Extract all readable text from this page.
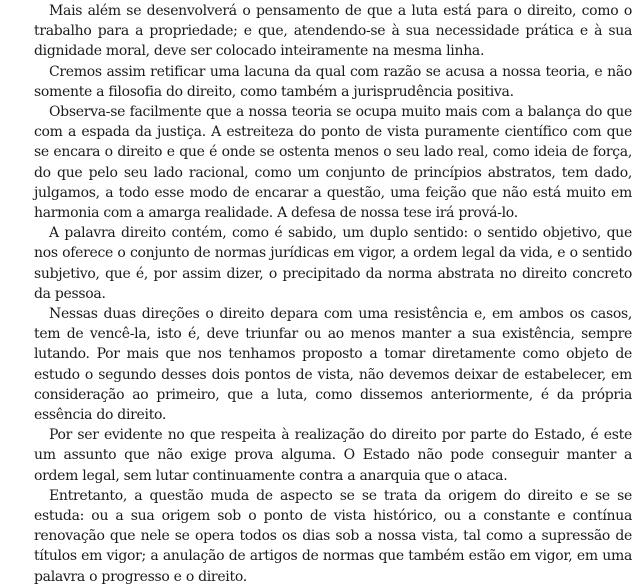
Mais além se desenvolverá o pensamento de que a luta está para o direito, como o trabalho para a propriedade; e que, atendendo-se à sua necessidade prática e à sua dignidade moral, deve ser colocado inteiramente na mesma linha.

Cremos assim retificar uma lacuna da qual com razão se acusa a nossa teoria, e não somente a filosofia do direito, como também a jurisprudência positiva.

Observa-se facilmente que a nossa teoria se ocupa muito mais com a balança do que com a espada da justiça. A estreiteza do ponto de vista puramente científico com que se encara o direito e que é onde se ostenta menos o seu lado real, como ideia de força, do que pelo seu lado racional, como um conjunto de princípios abstratos, tem dado, julgamos, a todo esse modo de encarar a questão, uma feição que não está muito em harmonia com a amarga realidade. A defesa de nossa tese irá prová-lo.

A palavra direito contém, como é sabido, um duplo sentido: o sentido objetivo, que nos oferece o conjunto de normas jurídicas em vigor, a ordem legal da vida, e o sentido subjetivo, que é, por assim dizer, o precipitado da norma abstrata no direito concreto da pessoa.

Nessas duas direções o direito depara com uma resistência e, em ambos os casos, tem de vencê-la, isto é, deve triunfar ou ao menos manter a sua existência, sempre lutando. Por mais que nos tenhamos proposto a tomar diretamente como objeto de estudo o segundo desses dois pontos de vista, não devemos deixar de estabelecer, em consideração ao primeiro, que a luta, como dissemos anteriormente, é da própria essência do direito.

Por ser evidente no que respeita à realização do direito por parte do Estado, é este um assunto que não exige prova alguma. O Estado não pode conseguir manter a ordem legal, sem lutar continuamente contra a anarquia que o ataca.

Entretanto, a questão muda de aspecto se se trata da origem do direito e se se estuda: ou a sua origem sob o ponto de vista histórico, ou a constante e contínua renovação que nele se opera todos os dias sob a nossa vista, tal como a supressão de títulos em vigor; a anulação de artigos de normas que também estão em vigor, em uma palavra o progresso e o direito.
